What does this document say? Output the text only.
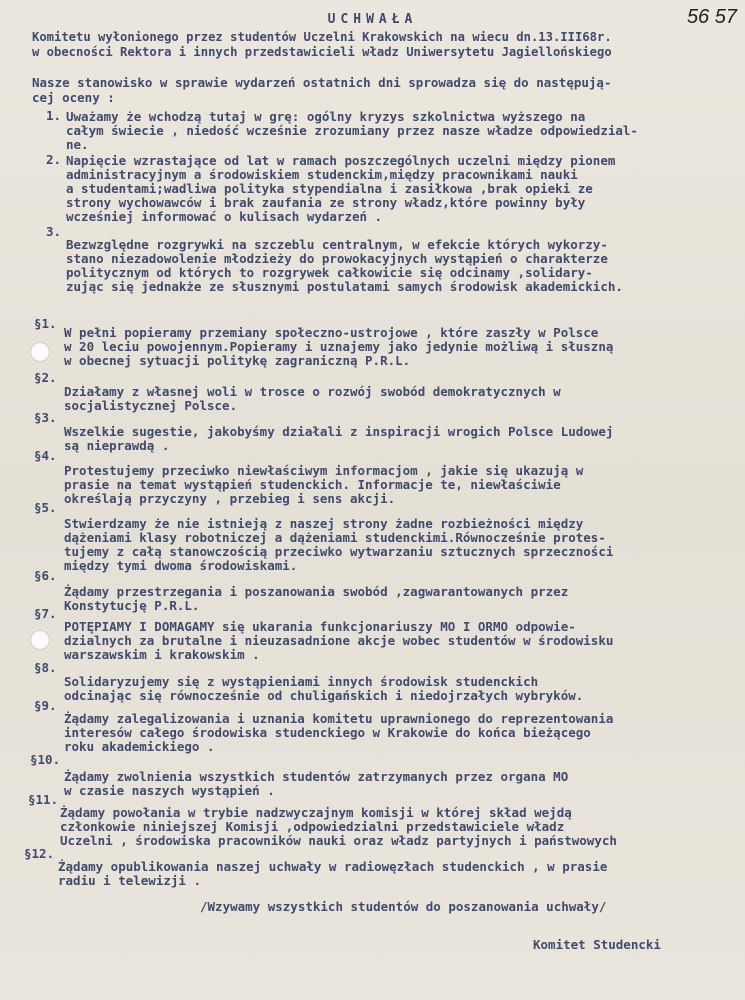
56 57
UCHWAŁA
Komitetu wyłonionego przez studentów Uczelni Krakowskich na wiecu dn.13.III68r.
w obecności Rektora i innych przedstawicieli władz Uniwersytetu Jagiellońskiego
Nasze stanowisko w sprawie wydarzeń ostatnich dni sprowadza się do następują-
cej oceny :
1. Uważamy że wchodzą tutaj w grę: ogólny kryzys szkolnictwa wyższego na
całym świecie , niedość wcześnie zrozumiany przez nasze władze odpowiedzial-
ne.
2. Napięcie wzrastające od lat w ramach poszczególnych uczelni między pionem
administracyjnym a środowiskiem studenckim,między pracownikami nauki
a studentami;wadliwa polityka stypendialna i zasiłkowa ,brak opieki ze
strony wychowawców i brak zaufania ze strony władz,które powinny były
wcześniej informować o kulisach wydarzeń .
3.
Bezwzględne rozgrywki na szczeblu centralnym, w efekcie których wykorzy-
stano niezadowolenie młodzieży do prowokacyjnych wystąpień o charakterze
politycznym od których to rozgrywek całkowicie się odcinamy ,solidary-
zując się jednakże ze słusznymi postulatami samych środowisk akademickich.
§1.
W pełni popieramy przemiany społeczno-ustrojowe , które zaszły w Polsce
w 20 leciu powojennym.Popieramy i uznajemy jako jedynie możliwą i słuszną
w obecnej sytuacji politykę zagraniczną P.R.L.
§2.
Działamy z własnej woli w trosce o rozwój swobód demokratycznych w
socjalistycznej Polsce.
§3.
Wszelkie sugestie, jakobyśmy działali z inspiracji wrogich Polsce Ludowej
są nieprawdą .
§4.
Protestujemy przeciwko niewłaściwym informacjom , jakie się ukazują w
prasie na temat wystąpień studenckich. Informacje te, niewłaściwie
określają przyczyny , przebieg i sens akcji.
§5.
Stwierdzamy że nie istnieją z naszej strony żadne rozbieżności między
dążeniami klasy robotniczej a dążeniami studenckimi.Równocześnie protes-
tujemy z całą stanowczością przeciwko wytwarzaniu sztucznych sprzeczności
między tymi dwoma środowiskami.
§6.
Żądamy przestrzegania i poszanowania swobód ,zagwarantowanych przez
Konstytucję P.R.L.
§7.
POTĘPIAMY I DOMAGAMY się ukarania funkcjonariuszy MO I ORMO odpowie-
dzialnych za brutalne i nieuzasadnione akcje wobec studentów w środowisku
warszawskim i krakowskim .
§8.
Solidaryzujemy się z wystąpieniami innych środowisk studenckich
odcinając się równocześnie od chuligańskich i niedojrzałych wybryków.
§9.
Żądamy zalegalizowania i uznania komitetu uprawnionego do reprezentowania
interesów całego środowiska studenckiego w Krakowie do końca bieżącego
roku akademickiego .
§10.
Żądamy zwolnienia wszystkich studentów zatrzymanych przez organa MO
w czasie naszych wystąpień .
§11.
Żądamy powołania w trybie nadzwyczajnym komisji w której skład wejdą
członkowie niniejszej Komisji ,odpowiedzialni przedstawiciele władz
Uczelni , środowiska pracowników nauki oraz władz partyjnych i państwowych
§12.
Żądamy opublikowania naszej uchwały w radiowęzłach studenckich , w prasie
radiu i telewizji .
/Wzywamy wszystkich studentów do poszanowania uchwały/
Komitet Studencki
